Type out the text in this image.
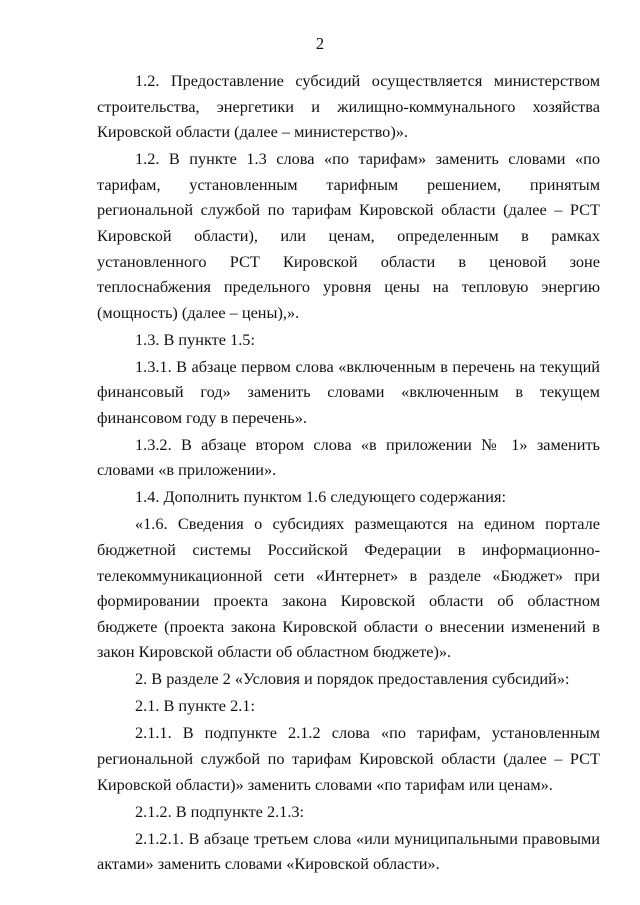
2

1.2. Предоставление субсидий осуществляется министерством строительства, энергетики и жилищно-коммунального хозяйства Кировской области (далее – министерство)».

1.2. В пункте 1.3 слова «по тарифам» заменить словами «по тарифам, установленным тарифным решением, принятым региональной службой по тарифам Кировской области (далее – РСТ Кировской области), или ценам, определенным в рамках установленного РСТ Кировской области в ценовой зоне теплоснабжения предельного уровня цены на тепловую энергию (мощность) (далее – цены),».

1.3. В пункте 1.5:

1.3.1. В абзаце первом слова «включенным в перечень на текущий финансовый год» заменить словами «включенным в текущем финансовом году в перечень».

1.3.2. В абзаце втором слова «в приложении № 1» заменить словами «в приложении».

1.4. Дополнить пунктом 1.6 следующего содержания:

«1.6. Сведения о субсидиях размещаются на едином портале бюджетной системы Российской Федерации в информационно-телекоммуникационной сети «Интернет» в разделе «Бюджет» при формировании проекта закона Кировской области об областном бюджете (проекта закона Кировской области о внесении изменений в закон Кировской области об областном бюджете)».

2. В разделе 2 «Условия и порядок предоставления субсидий»:

2.1. В пункте 2.1:

2.1.1. В подпункте 2.1.2 слова «по тарифам, установленным региональной службой по тарифам Кировской области (далее – РСТ Кировской области)» заменить словами «по тарифам или ценам».

2.1.2. В подпункте 2.1.3:

2.1.2.1. В абзаце третьем слова «или муниципальными правовыми актами» заменить словами «Кировской области».
